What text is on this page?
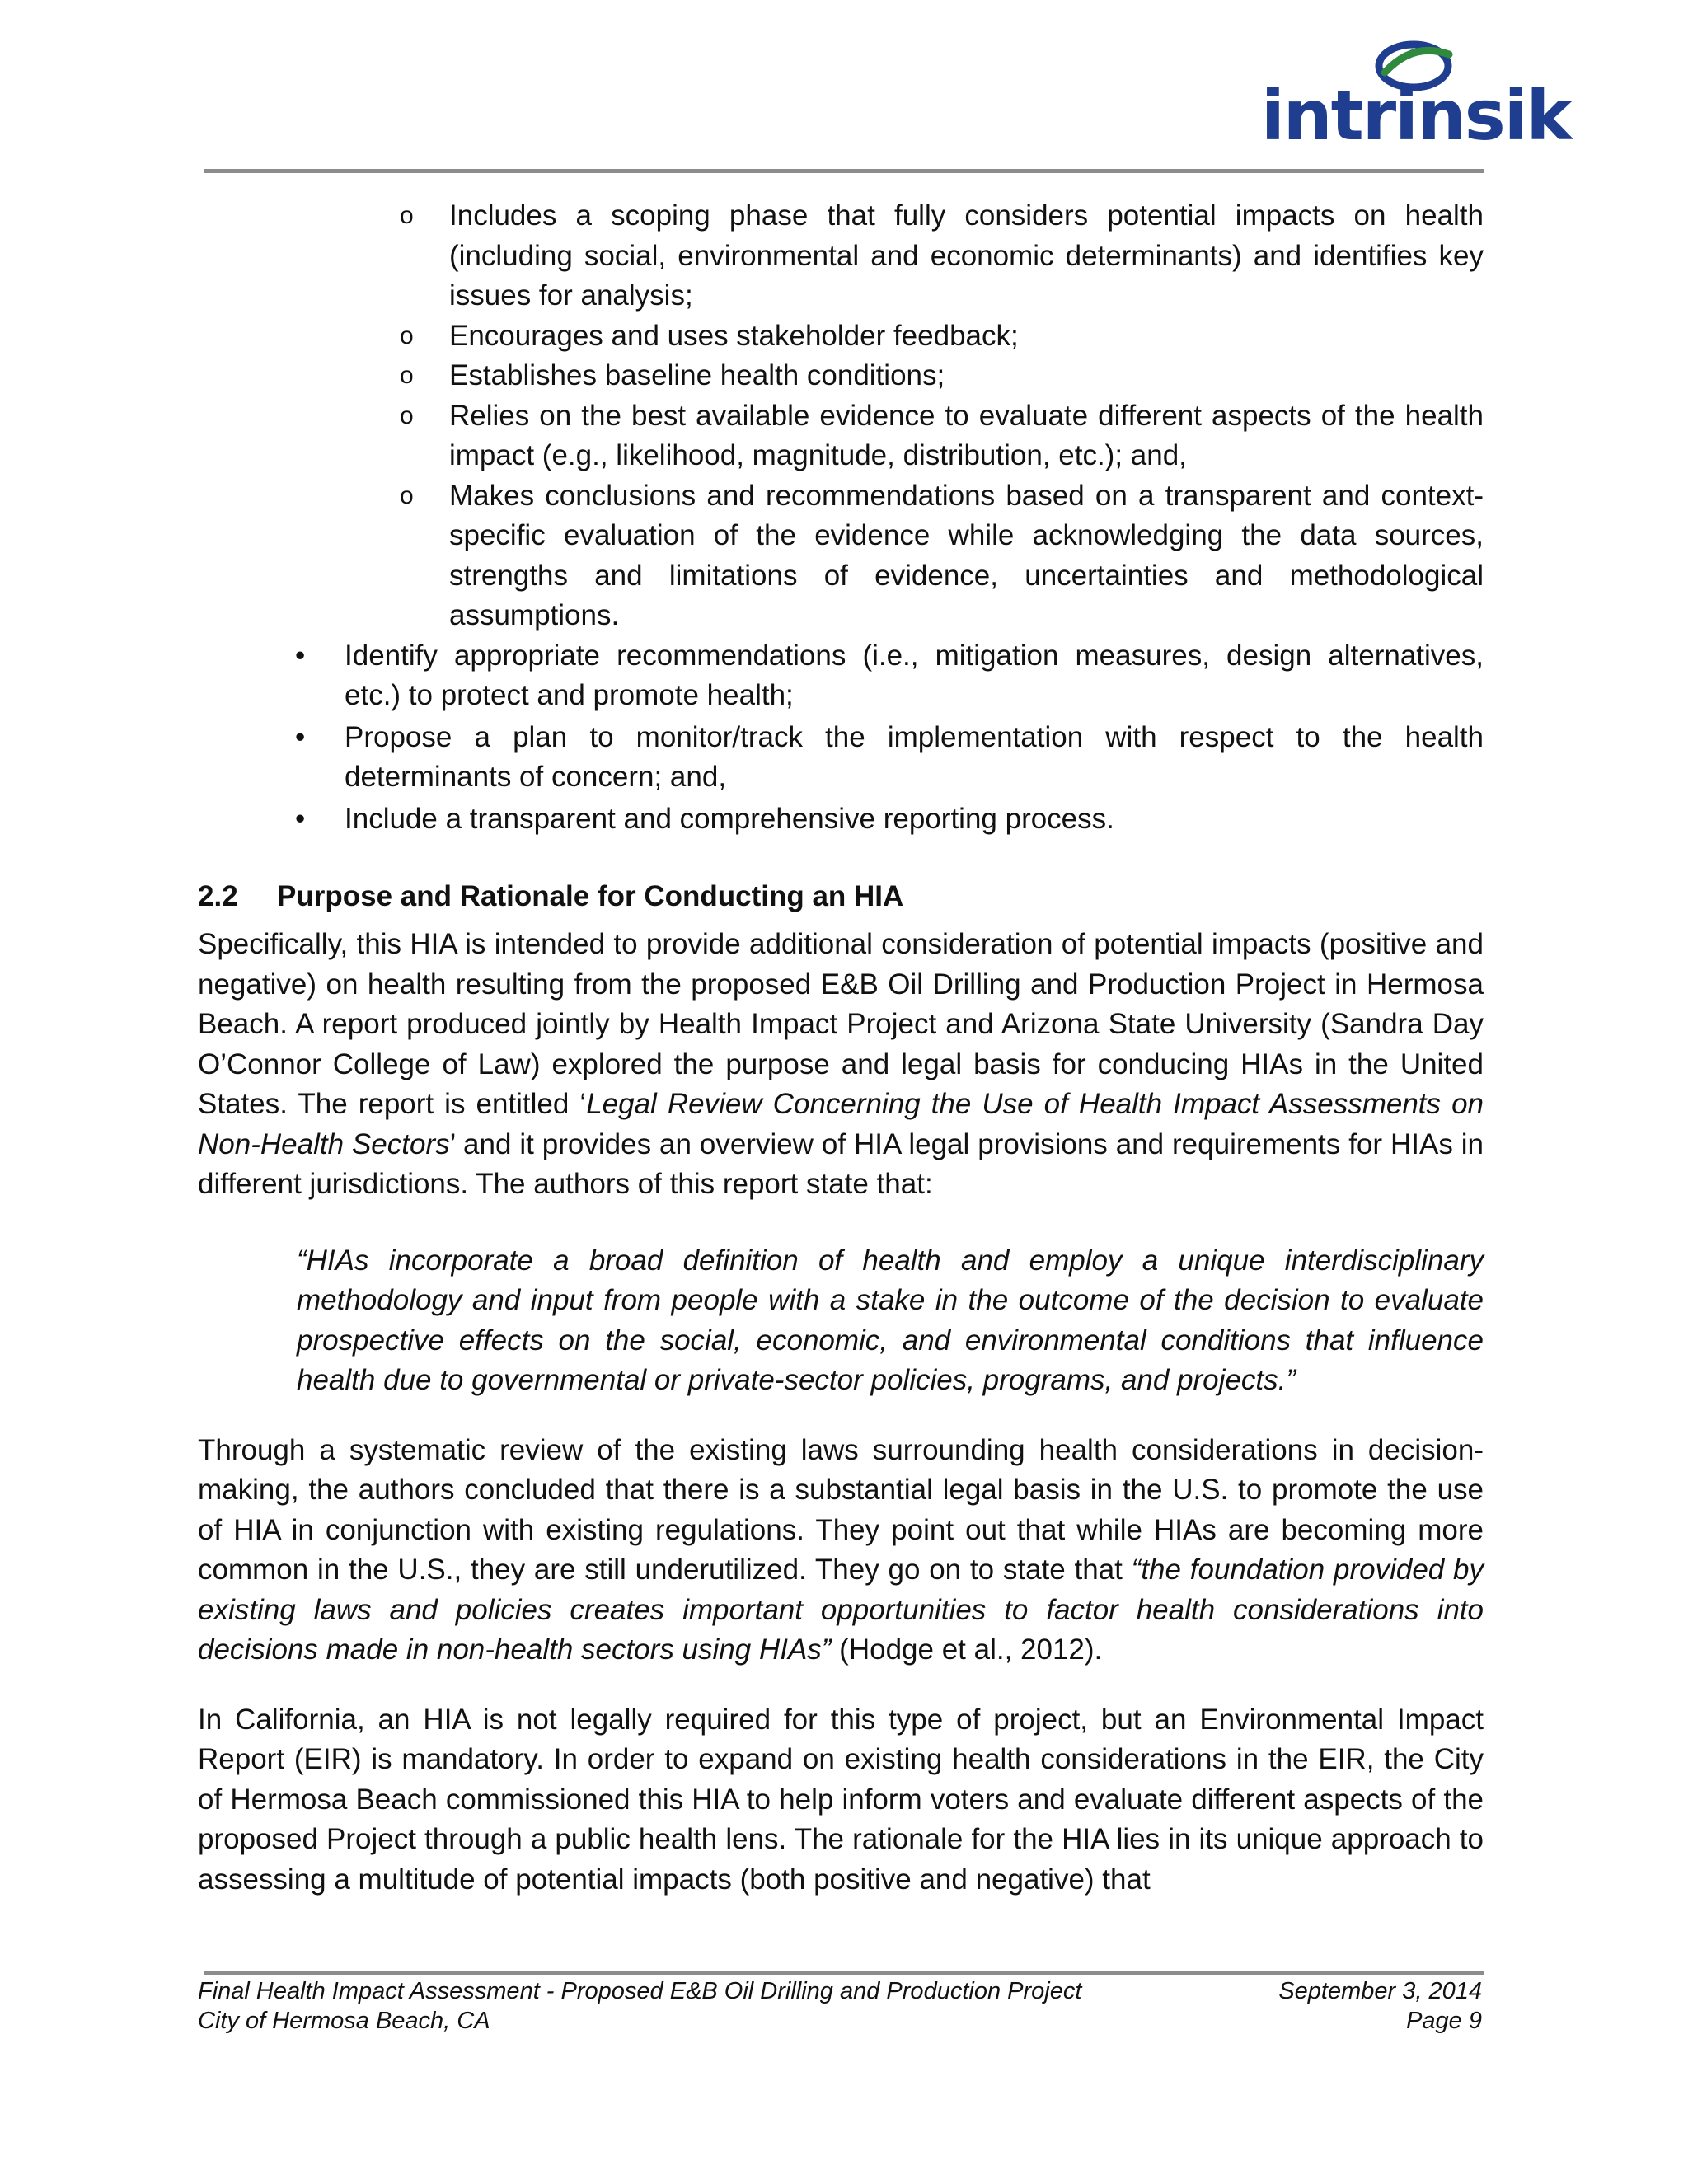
intrinsik
o Includes a scoping phase that fully considers potential impacts on health (including social, environmental and economic determinants) and identifies key issues for analysis;
o Encourages and uses stakeholder feedback;
o Establishes baseline health conditions;
o Relies on the best available evidence to evaluate different aspects of the health impact (e.g., likelihood, magnitude, distribution, etc.); and,
o Makes conclusions and recommendations based on a transparent and context-specific evaluation of the evidence while acknowledging the data sources, strengths and limitations of evidence, uncertainties and methodological assumptions.
• Identify appropriate recommendations (i.e., mitigation measures, design alternatives, etc.) to protect and promote health;
• Propose a plan to monitor/track the implementation with respect to the health determinants of concern; and,
• Include a transparent and comprehensive reporting process.
2.2 Purpose and Rationale for Conducting an HIA

Specifically, this HIA is intended to provide additional consideration of potential impacts (positive and negative) on health resulting from the proposed E&B Oil Drilling and Production Project in Hermosa Beach. A report produced jointly by Health Impact Project and Arizona State University (Sandra Day O’Connor College of Law) explored the purpose and legal basis for conducing HIAs in the United States. The report is entitled ‘Legal Review Concerning the Use of Health Impact Assessments on Non-Health Sectors’ and it provides an overview of HIA legal provisions and requirements for HIAs in different jurisdictions. The authors of this report state that:

“HIAs incorporate a broad definition of health and employ a unique interdisciplinary methodology and input from people with a stake in the outcome of the decision to evaluate prospective effects on the social, economic, and environmental conditions that influence health due to governmental or private-sector policies, programs, and projects.”

Through a systematic review of the existing laws surrounding health considerations in decision-making, the authors concluded that there is a substantial legal basis in the U.S. to promote the use of HIA in conjunction with existing regulations. They point out that while HIAs are becoming more common in the U.S., they are still underutilized. They go on to state that “the foundation provided by existing laws and policies creates important opportunities to factor health considerations into decisions made in non-health sectors using HIAs” (Hodge et al., 2012).

In California, an HIA is not legally required for this type of project, but an Environmental Impact Report (EIR) is mandatory. In order to expand on existing health considerations in the EIR, the City of Hermosa Beach commissioned this HIA to help inform voters and evaluate different aspects of the proposed Project through a public health lens. The rationale for the HIA lies in its unique approach to assessing a multitude of potential impacts (both positive and negative) that

Final Health Impact Assessment - Proposed E&B Oil Drilling and Production Project	September 3, 2014
City of Hermosa Beach, CA	Page 9
